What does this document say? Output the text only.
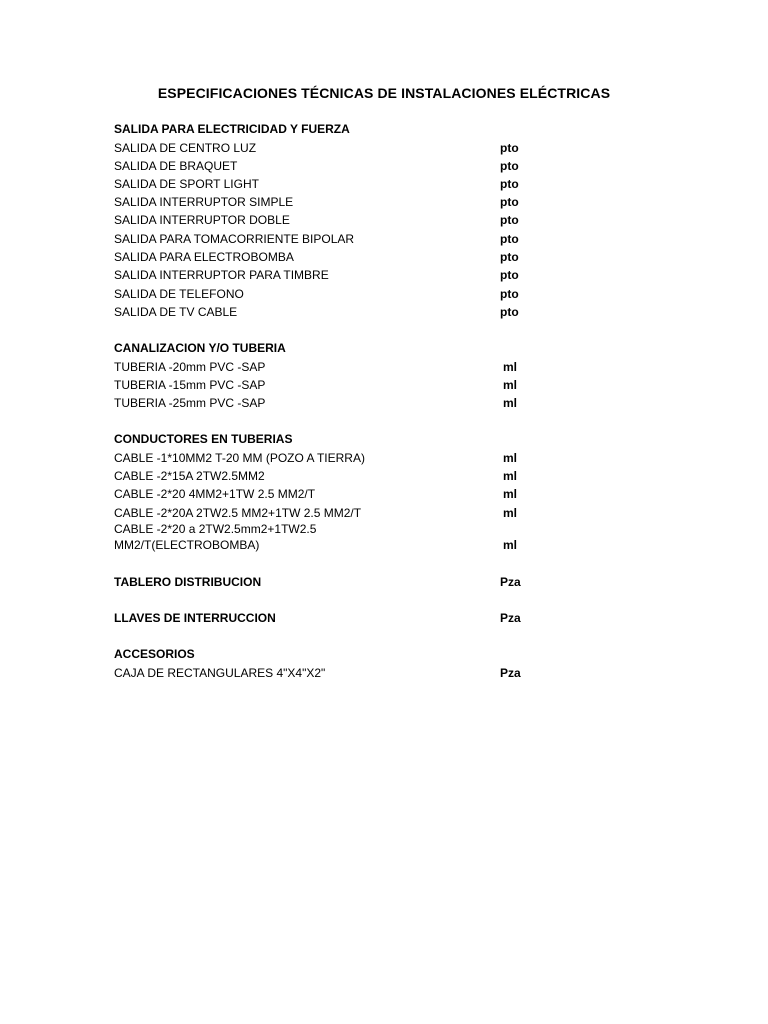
ESPECIFICACIONES TÉCNICAS DE INSTALACIONES ELÉCTRICAS
SALIDA PARA ELECTRICIDAD Y FUERZA
SALIDA DE CENTRO LUZ	pto
SALIDA DE BRAQUET	pto
SALIDA DE SPORT LIGHT	pto
SALIDA INTERRUPTOR SIMPLE	pto
SALIDA INTERRUPTOR DOBLE	pto
SALIDA PARA TOMACORRIENTE BIPOLAR	pto
SALIDA PARA ELECTROBOMBA	pto
SALIDA INTERRUPTOR PARA TIMBRE	pto
SALIDA DE TELEFONO	pto
SALIDA DE TV CABLE	pto
CANALIZACION Y/O TUBERIA
TUBERIA -20mm PVC -SAP	ml
TUBERIA -15mm PVC -SAP	ml
TUBERIA -25mm PVC -SAP	ml
CONDUCTORES EN TUBERIAS
CABLE -1*10MM2 T-20 MM (POZO A TIERRA)	ml
CABLE -2*15A 2TW2.5MM2	ml
CABLE -2*20 4MM2+1TW 2.5 MM2/T	ml
CABLE -2*20A 2TW2.5 MM2+1TW 2.5 MM2/T	ml
CABLE -2*20 a 2TW2.5mm2+1TW2.5
MM2/T(ELECTROBOMBA)	ml
TABLERO DISTRIBUCION	Pza
LLAVES DE INTERRUCCION	Pza
ACCESORIOS
CAJA DE RECTANGULARES 4"X4"X2"	Pza
